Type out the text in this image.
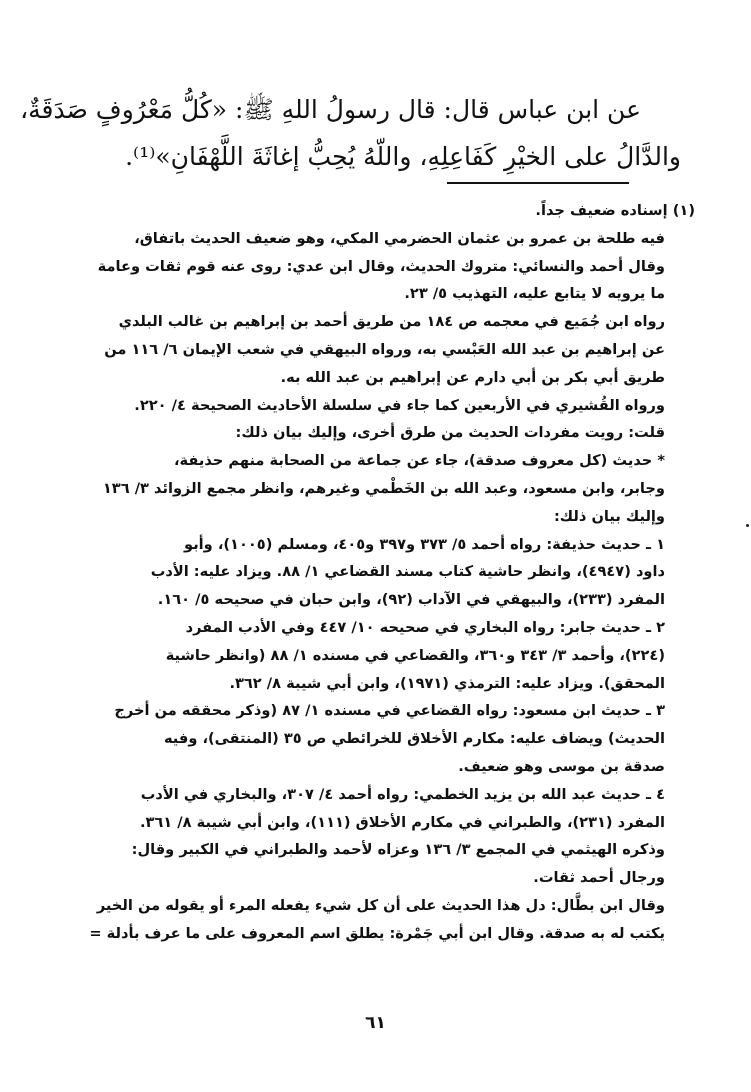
عن ابن عباس قال: قال رسولُ اللهِ ﷺ: «كُلُّ مَعْرُوفٍ صَدَقَةٌ،
والدَّالُ على الخيْرِ كَفَاعِلِهِ، واللّهُ يُحِبُّ إغاثَةَ اللَّهْفَانِ»⁽¹⁾.
(١) إسناده ضعيف جداً.
فيه طلحة بن عمرو بن عثمان الحضرمي المكي، وهو ضعيف الحديث باتفاق،
وقال أحمد والنسائي: متروك الحديث، وقال ابن عدي: روى عنه قوم ثقات وعامة
ما يرويه لا يتابع عليه، التهذيب ٥/ ٢٣.
رواه ابن جُمَيع في معجمه ص ١٨٤ من طريق أحمد بن إبراهيم بن غالب البلدي
عن إبراهيم بن عبد الله العَبْسي به، ورواه البيهقي في شعب الإيمان ٦/ ١١٦ من
طريق أبي بكر بن أبي دارم عن إبراهيم بن عبد الله به.
ورواه القُشيري في الأربعين كما جاء في سلسلة الأحاديث الصحيحة ٤/ ٢٢٠.
قلت: رويت مفردات الحديث من طرق أخرى، وإليك بيان ذلك:
* حديث (كل معروف صدقة)، جاء عن جماعة من الصحابة منهم حذيفة،
وجابر، وابن مسعود، وعبد الله بن الخَطْمي وغيرهم، وانظر مجمع الزوائد ٣/ ١٣٦
وإليك بيان ذلك:
١ ـ حديث حذيفة: رواه أحمد ٥/ ٣٧٣ و٣٩٧ و٤٠٥، ومسلم (١٠٠٥)، وأبو
داود (٤٩٤٧)، وانظر حاشية كتاب مسند القضاعي ١/ ٨٨. ويزاد عليه: الأدب
المفرد (٢٣٣)، والبيهقي في الآداب (٩٢)، وابن حبان في صحيحه ٥/ ١٦٠.
٢ ـ حديث جابر: رواه البخاري في صحيحه ١٠/ ٤٤٧ وفي الأدب المفرد
(٢٢٤)، وأحمد ٣/ ٣٤٣ و٣٦٠، والقضاعي في مسنده ١/ ٨٨ (وانظر حاشية
المحقق). ويزاد عليه: الترمذي (١٩٧١)، وابن أبي شيبة ٨/ ٣٦٢.
٣ ـ حديث ابن مسعود: رواه القضاعي في مسنده ١/ ٨٧ (وذكر محققه من أخرج
الحديث) ويضاف عليه: مكارم الأخلاق للخرائطي ص ٣٥ (المنتقى)، وفيه
صدقة بن موسى وهو ضعيف.
٤ ـ حديث عبد الله بن يزيد الخطمي: رواه أحمد ٤/ ٣٠٧، والبخاري في الأدب
المفرد (٢٣١)، والطبراني في مكارم الأخلاق (١١١)، وابن أبي شيبة ٨/ ٣٦١.
وذكره الهيثمي في المجمع ٣/ ١٣٦ وعزاه لأحمد والطبراني في الكبير وقال:
ورجال أحمد ثقات.
وقال ابن بطَّال: دل هذا الحديث على أن كل شيء يفعله المرء أو يقوله من الخير
يكتب له به صدقة. وقال ابن أبي جَمْرة: يطلق اسم المعروف على ما عرف بأدلة =
٦١
